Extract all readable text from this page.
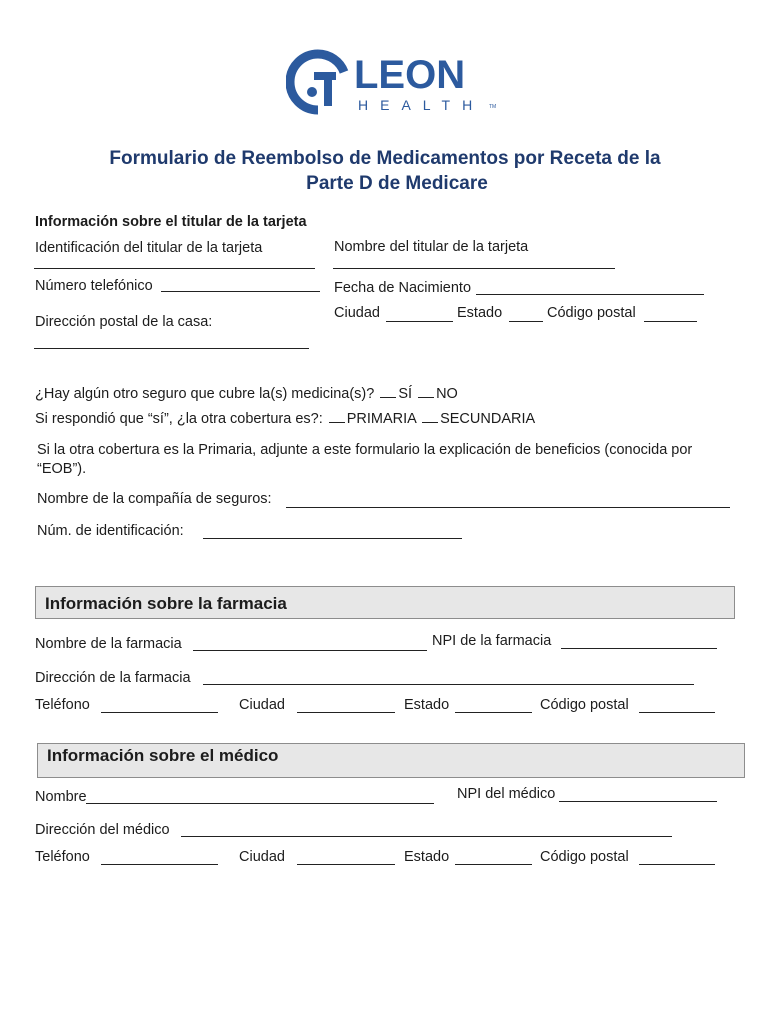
LEON
HEALTH TM
Formulario de Reembolso de Medicamentos por Receta de la
Parte D de Medicare
Información sobre el titular de la tarjeta
Identificación del titular de la tarjeta	Nombre del titular de la tarjeta
Número telefónico	Fecha de Nacimiento
Ciudad	Estado	Código postal
Dirección postal de la casa:
¿Hay algún otro seguro que cubre la(s) medicina(s)? SÍ NO
Si respondió que “sí”, ¿la otra cobertura es?: PRIMARIA SECUNDARIA
Si la otra cobertura es la Primaria, adjunte a este formulario la explicación de beneficios (conocida por
“EOB”).
Nombre de la compañía de seguros:
Núm. de identificación:
Información sobre la farmacia
Nombre de la farmacia	NPI de la farmacia
Dirección de la farmacia
Teléfono	Ciudad	Estado	Código postal
Información sobre el médico
Nombre	NPI del médico
Dirección del médico
Teléfono	Ciudad	Estado	Código postal
